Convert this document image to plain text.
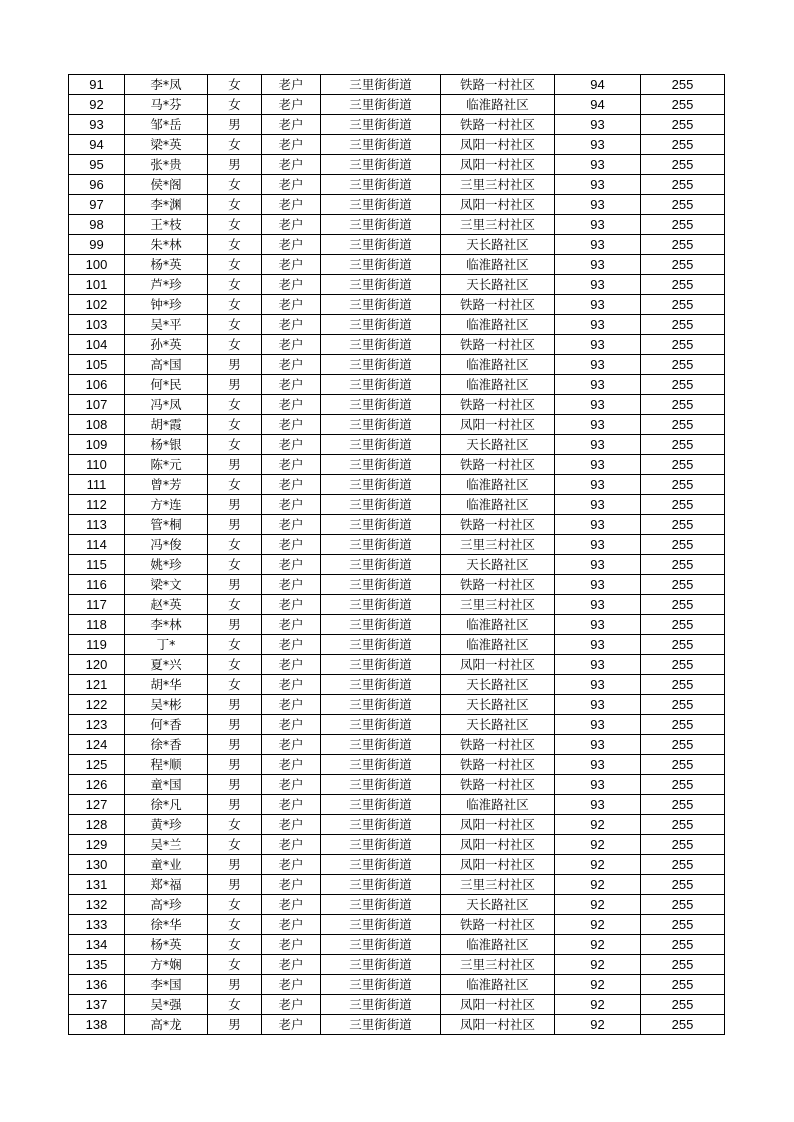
91	李*凤	女	老户	三里街街道	铁路一村社区	94	255
92	马*芬	女	老户	三里街街道	临淮路社区	94	255
93	邹*岳	男	老户	三里街街道	铁路一村社区	93	255
94	梁*英	女	老户	三里街街道	凤阳一村社区	93	255
95	张*贵	男	老户	三里街街道	凤阳一村社区	93	255
96	侯*阁	女	老户	三里街街道	三里三村社区	93	255
97	李*渊	女	老户	三里街街道	凤阳一村社区	93	255
98	王*枝	女	老户	三里街街道	三里三村社区	93	255
99	朱*林	女	老户	三里街街道	天长路社区	93	255
100	杨*英	女	老户	三里街街道	临淮路社区	93	255
101	芦*珍	女	老户	三里街街道	天长路社区	93	255
102	钟*珍	女	老户	三里街街道	铁路一村社区	93	255
103	吴*平	女	老户	三里街街道	临淮路社区	93	255
104	孙*英	女	老户	三里街街道	铁路一村社区	93	255
105	高*国	男	老户	三里街街道	临淮路社区	93	255
106	何*民	男	老户	三里街街道	临淮路社区	93	255
107	冯*凤	女	老户	三里街街道	铁路一村社区	93	255
108	胡*霞	女	老户	三里街街道	凤阳一村社区	93	255
109	杨*银	女	老户	三里街街道	天长路社区	93	255
110	陈*元	男	老户	三里街街道	铁路一村社区	93	255
111	曾*芳	女	老户	三里街街道	临淮路社区	93	255
112	方*连	男	老户	三里街街道	临淮路社区	93	255
113	管*桐	男	老户	三里街街道	铁路一村社区	93	255
114	冯*俊	女	老户	三里街街道	三里三村社区	93	255
115	姚*珍	女	老户	三里街街道	天长路社区	93	255
116	梁*文	男	老户	三里街街道	铁路一村社区	93	255
117	赵*英	女	老户	三里街街道	三里三村社区	93	255
118	李*林	男	老户	三里街街道	临淮路社区	93	255
119	丁*	女	老户	三里街街道	临淮路社区	93	255
120	夏*兴	女	老户	三里街街道	凤阳一村社区	93	255
121	胡*华	女	老户	三里街街道	天长路社区	93	255
122	吴*彬	男	老户	三里街街道	天长路社区	93	255
123	何*香	男	老户	三里街街道	天长路社区	93	255
124	徐*香	男	老户	三里街街道	铁路一村社区	93	255
125	程*顺	男	老户	三里街街道	铁路一村社区	93	255
126	童*国	男	老户	三里街街道	铁路一村社区	93	255
127	徐*凡	男	老户	三里街街道	临淮路社区	93	255
128	黄*珍	女	老户	三里街街道	凤阳一村社区	92	255
129	吴*兰	女	老户	三里街街道	凤阳一村社区	92	255
130	童*业	男	老户	三里街街道	凤阳一村社区	92	255
131	郑*福	男	老户	三里街街道	三里三村社区	92	255
132	高*珍	女	老户	三里街街道	天长路社区	92	255
133	徐*华	女	老户	三里街街道	铁路一村社区	92	255
134	杨*英	女	老户	三里街街道	临淮路社区	92	255
135	方*娴	女	老户	三里街街道	三里三村社区	92	255
136	李*国	男	老户	三里街街道	临淮路社区	92	255
137	吴*强	女	老户	三里街街道	凤阳一村社区	92	255
138	高*龙	男	老户	三里街街道	凤阳一村社区	92	255
